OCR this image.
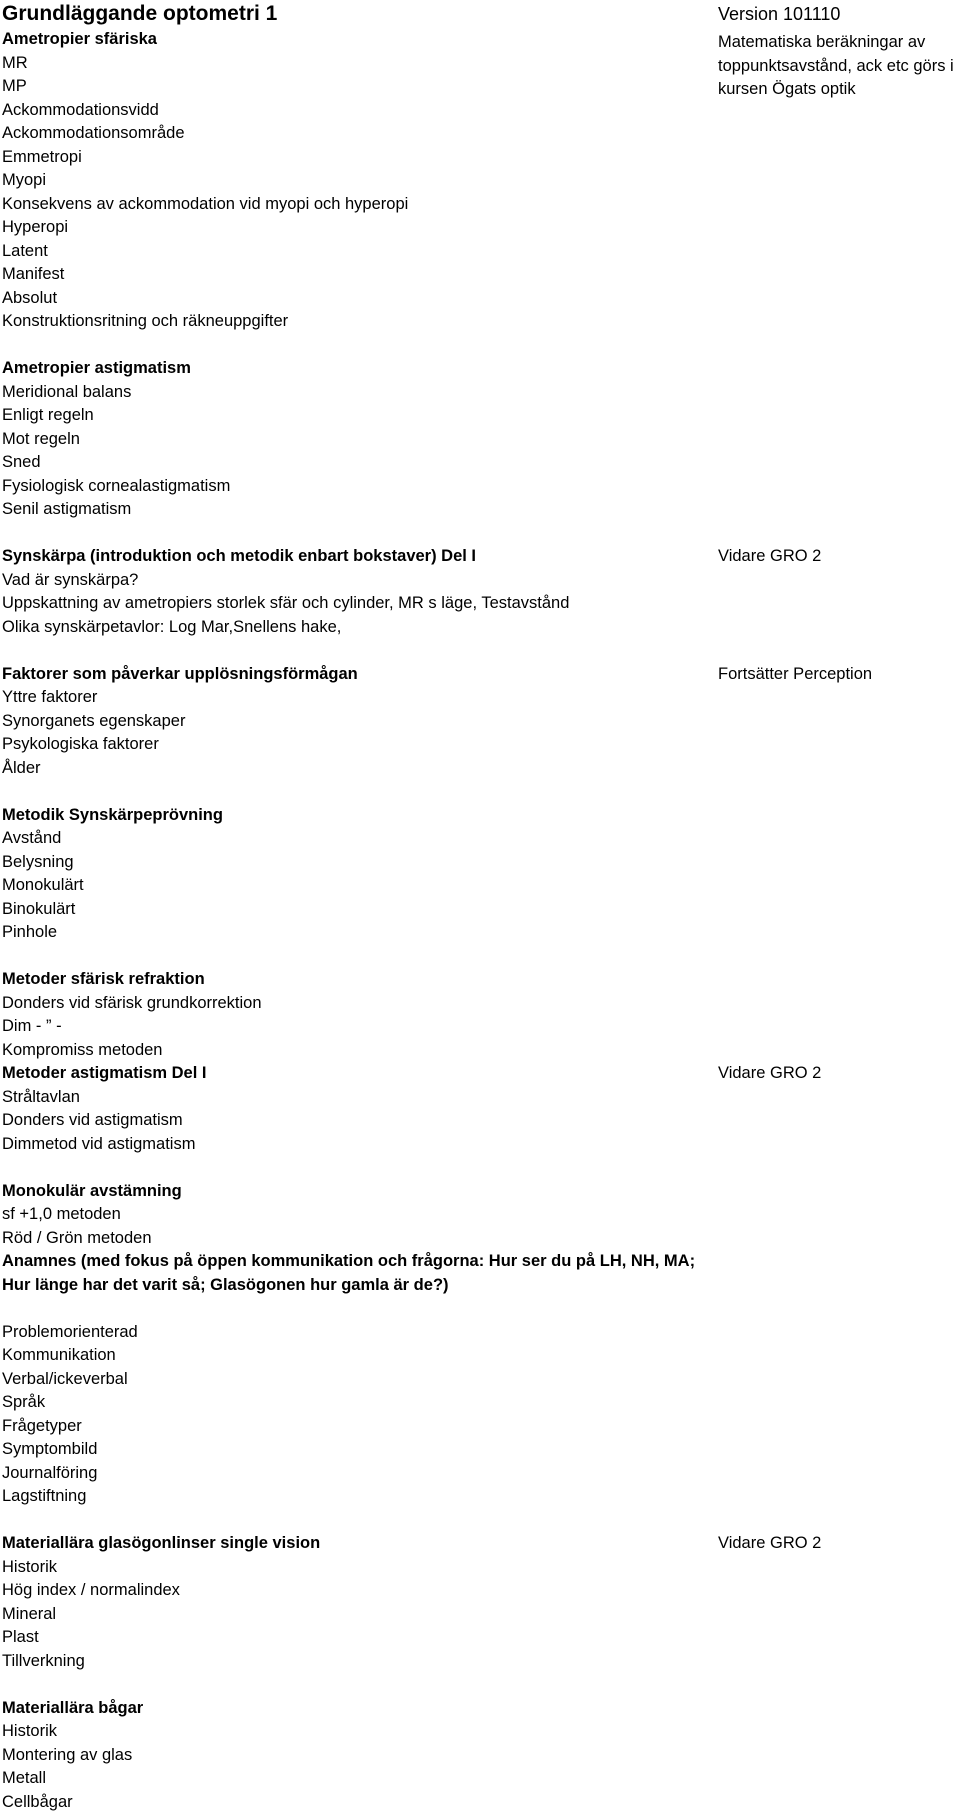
Grundläggande optometri 1	Version 101110
Matematiska beräkningar av toppunktsavstånd, ack etc görs i kursen Ögats optik
Ametropier sfäriska
MR
MP
Ackommodationsvidd
Ackommodationsområde
Emmetropi
Myopi
Konsekvens av ackommodation vid myopi och hyperopi
Hyperopi
Latent
Manifest
Absolut
Konstruktionsritning och räkneuppgifter
Ametropier astigmatism
Meridional balans
Enligt regeln
Mot regeln
Sned
Fysiologisk cornealastigmatism
Senil astigmatism
Synskärpa (introduktion och metodik enbart bokstaver) Del I	Vidare GRO 2
Vad är synskärpa?
Uppskattning av ametropiers storlek sfär och cylinder, MR s läge, Testavstånd
Olika synskärpetavlor: Log Mar,Snellens hake,
Faktorer som påverkar upplösningsförmågan	Fortsätter Perception
Yttre faktorer
Synorganets egenskaper
Psykologiska faktorer
Ålder
Metodik Synskärpeprövning
Avstånd
Belysning
Monokulärt
Binokulärt
Pinhole
Metoder sfärisk refraktion
Donders vid sfärisk grundkorrektion
Dim - ” -
Kompromiss metoden
Metoder astigmatism Del I	Vidare GRO 2
Stråltavlan
Donders vid astigmatism
Dimmetod vid astigmatism
Monokulär avstämning
sf +1,0 metoden
Röd / Grön metoden
Anamnes (med fokus på öppen kommunikation och frågorna: Hur ser du på LH, NH, MA; Hur länge har det varit så; Glasögonen hur gamla är de?)
Problemorienterad
Kommunikation
Verbal/ickeverbal
Språk
Frågetyper
Symptombild
Journalföring
Lagstiftning
Materiallära glasögonlinser single vision	Vidare GRO 2
Historik
Hög index / normalindex
Mineral
Plast
Tillverkning
Materiallära bågar
Historik
Montering av glas
Metall
Cellbågar
